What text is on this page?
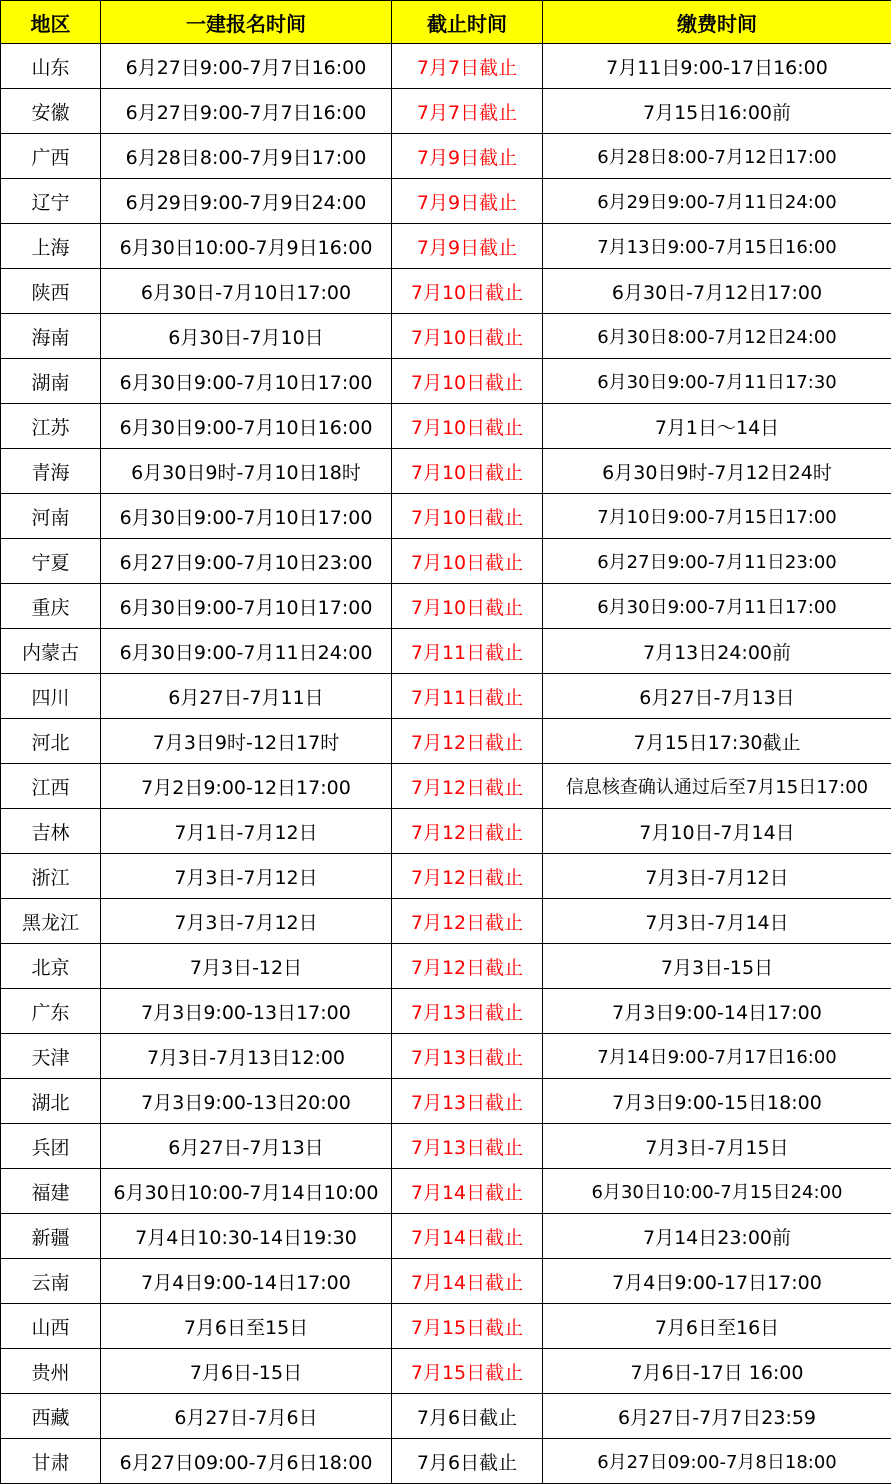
地区	一建报名时间	截止时间	缴费时间
山东	6月27日9:00-7月7日16:00	7月7日截止	7月11日9:00-17日16:00
安徽	6月27日9:00-7月7日16:00	7月7日截止	7月15日16:00前
广西	6月28日8:00-7月9日17:00	7月9日截止	6月28日8:00-7月12日17:00
辽宁	6月29日9:00-7月9日24:00	7月9日截止	6月29日9:00-7月11日24:00
上海	6月30日10:00-7月9日16:00	7月9日截止	7月13日9:00-7月15日16:00
陕西	6月30日-7月10日17:00	7月10日截止	6月30日-7月12日17:00
海南	6月30日-7月10日	7月10日截止	6月30日8:00-7月12日24:00
湖南	6月30日9:00-7月10日17:00	7月10日截止	6月30日9:00-7月11日17:30
江苏	6月30日9:00-7月10日16:00	7月10日截止	7月1日～14日
青海	6月30日9时-7月10日18时	7月10日截止	6月30日9时-7月12日24时
河南	6月30日9:00-7月10日17:00	7月10日截止	7月10日9:00-7月15日17:00
宁夏	6月27日9:00-7月10日23:00	7月10日截止	6月27日9:00-7月11日23:00
重庆	6月30日9:00-7月10日17:00	7月10日截止	6月30日9:00-7月11日17:00
内蒙古	6月30日9:00-7月11日24:00	7月11日截止	7月13日24:00前
四川	6月27日-7月11日	7月11日截止	6月27日-7月13日
河北	7月3日9时-12日17时	7月12日截止	7月15日17:30截止
江西	7月2日9:00-12日17:00	7月12日截止	信息核查确认通过后至7月15日17:00
吉林	7月1日-7月12日	7月12日截止	7月10日-7月14日
浙江	7月3日-7月12日	7月12日截止	7月3日-7月12日
黑龙江	7月3日-7月12日	7月12日截止	7月3日-7月14日
北京	7月3日-12日	7月12日截止	7月3日-15日
广东	7月3日9:00-13日17:00	7月13日截止	7月3日9:00-14日17:00
天津	7月3日-7月13日12:00	7月13日截止	7月14日9:00-7月17日16:00
湖北	7月3日9:00-13日20:00	7月13日截止	7月3日9:00-15日18:00
兵团	6月27日-7月13日	7月13日截止	7月3日-7月15日
福建	6月30日10:00-7月14日10:00	7月14日截止	6月30日10:00-7月15日24:00
新疆	7月4日10:30-14日19:30	7月14日截止	7月14日23:00前
云南	7月4日9:00-14日17:00	7月14日截止	7月4日9:00-17日17:00
山西	7月6日至15日	7月15日截止	7月6日至16日
贵州	7月6日-15日	7月15日截止	7月6日-17日 16:00
西藏	6月27日-7月6日	7月6日截止	6月27日-7月7日23:59
甘肃	6月27日09:00-7月6日18:00	7月6日截止	6月27日09:00-7月8日18:00
